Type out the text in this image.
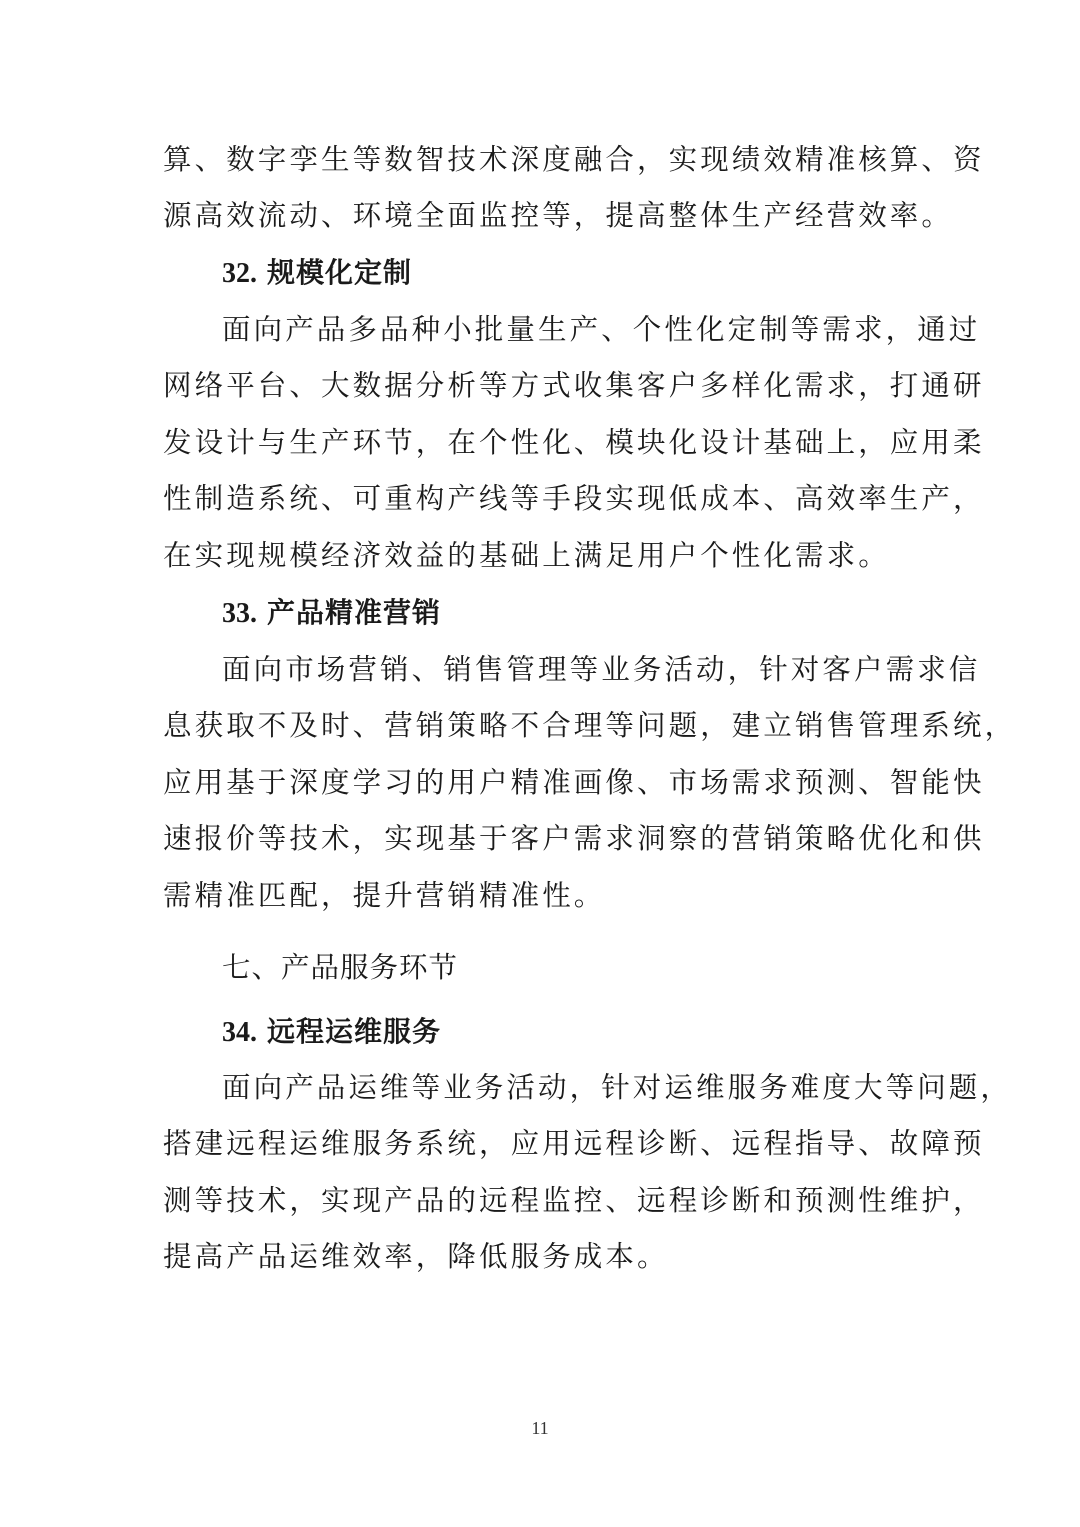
算、数字孪生等数智技术深度融合，实现绩效精准核算、资
源高效流动、环境全面监控等，提高整体生产经营效率。
32. 规模化定制
面向产品多品种小批量生产、个性化定制等需求，通过
网络平台、大数据分析等方式收集客户多样化需求，打通研
发设计与生产环节，在个性化、模块化设计基础上，应用柔
性制造系统、可重构产线等手段实现低成本、高效率生产，
在实现规模经济效益的基础上满足用户个性化需求。
33. 产品精准营销
面向市场营销、销售管理等业务活动，针对客户需求信
息获取不及时、营销策略不合理等问题，建立销售管理系统，
应用基于深度学习的用户精准画像、市场需求预测、智能快
速报价等技术，实现基于客户需求洞察的营销策略优化和供
需精准匹配，提升营销精准性。
七、产品服务环节
34. 远程运维服务
面向产品运维等业务活动，针对运维服务难度大等问题，
搭建远程运维服务系统，应用远程诊断、远程指导、故障预
测等技术，实现产品的远程监控、远程诊断和预测性维护，
提高产品运维效率，降低服务成本。
11
